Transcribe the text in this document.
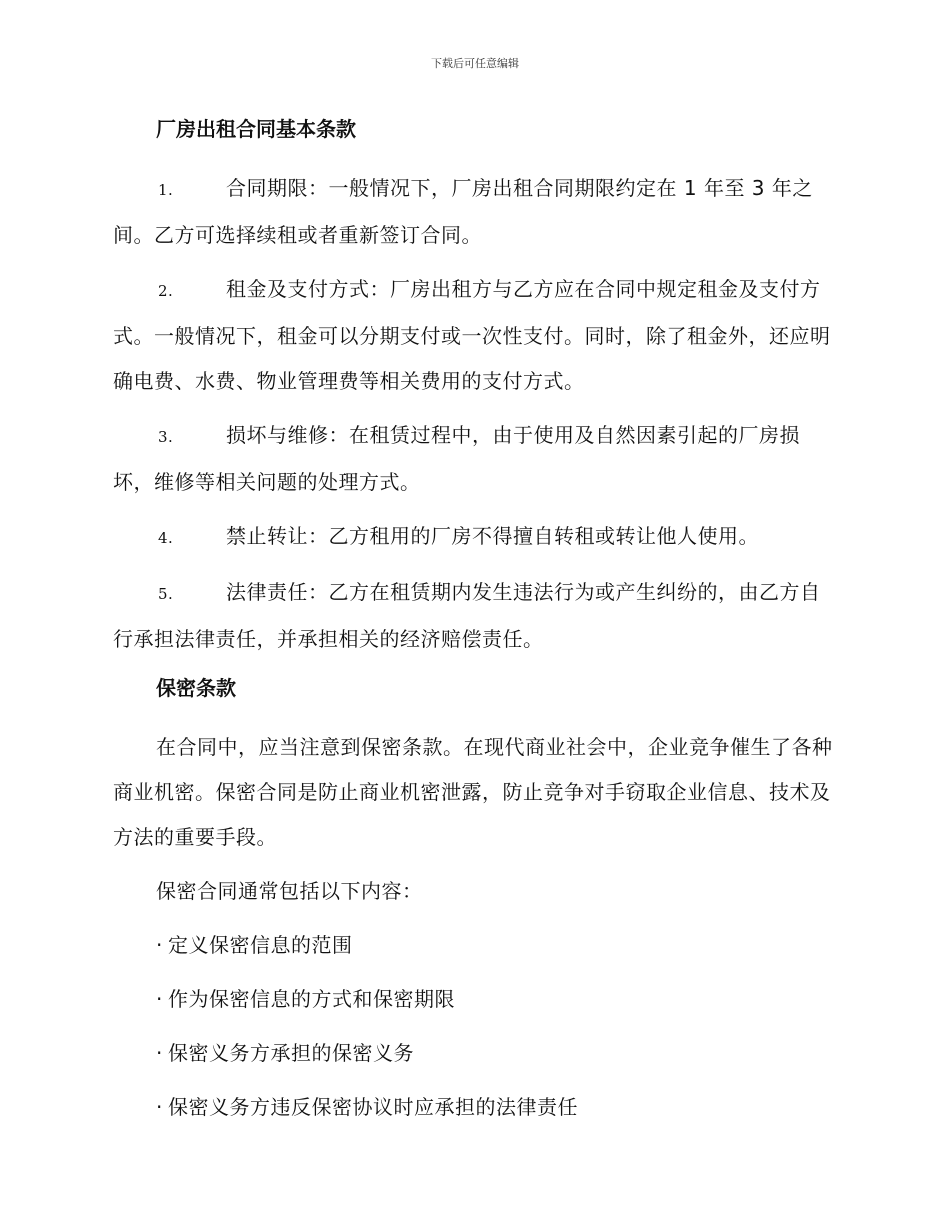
下载后可任意编辑
厂房出租合同基本条款

1.	合同期限：一般情况下，厂房出租合同期限约定在 1 年至 3 年之间。乙方可选择续租或者重新签订合同。

2.	租金及支付方式：厂房出租方与乙方应在合同中规定租金及支付方式。一般情况下，租金可以分期支付或一次性支付。同时，除了租金外，还应明确电费、水费、物业管理费等相关费用的支付方式。

3.	损坏与维修：在租赁过程中，由于使用及自然因素引起的厂房损坏，维修等相关问题的处理方式。

4.	禁止转让：乙方租用的厂房不得擅自转租或转让他人使用。

5.	法律责任：乙方在租赁期内发生违法行为或产生纠纷的，由乙方自行承担法律责任，并承担相关的经济赔偿责任。

保密条款

在合同中，应当注意到保密条款。在现代商业社会中，企业竞争催生了各种商业机密。保密合同是防止商业机密泄露，防止竞争对手窃取企业信息、技术及方法的重要手段。

保密合同通常包括以下内容：

· 定义保密信息的范围
· 作为保密信息的方式和保密期限
· 保密义务方承担的保密义务
· 保密义务方违反保密协议时应承担的法律责任
